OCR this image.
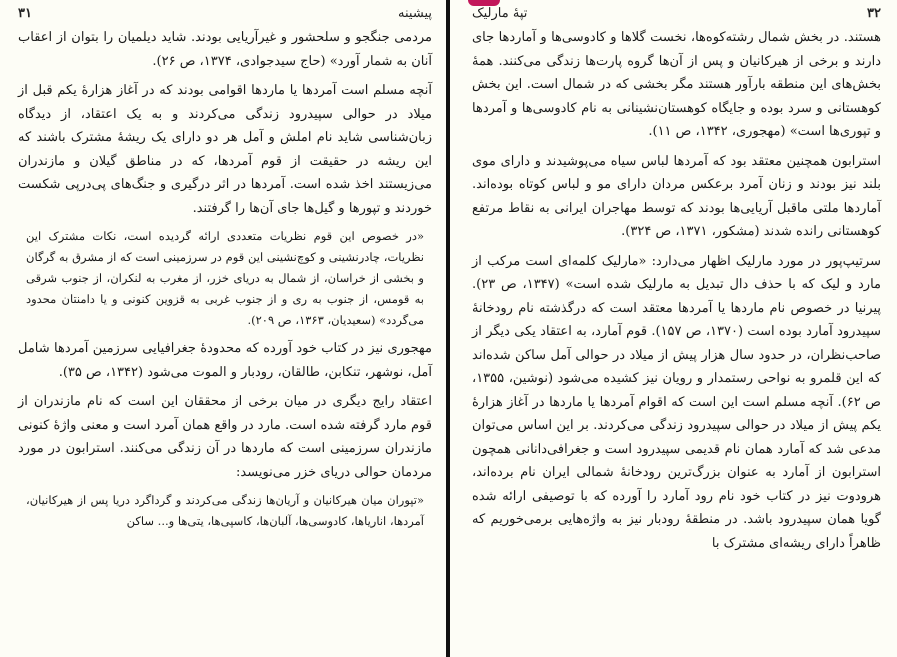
پیشینه
۳۱

مردمی جنگجو و سلحشور و غیرآریایی بودند. شاید دیلمیان را بتوان از اعقاب آنان به شمار آورد» (حاج سیدجوادی، ۱۳۷۴، ص ۲۶).

آنچه مسلم است آمردها یا ماردها اقوامی بودند که در آغاز هزارهٔ یکم قبل از میلاد در حوالی سپیدرود زندگی می‌کردند و به یک اعتقاد، از دیدگاه زبان‌شناسی شاید نام املش و آمل هر دو دارای یک ریشهٔ مشترک باشند که این ریشه در حقیقت از قوم آمردها، که در مناطق گیلان و مازندران می‌زیستند اخذ شده است. آمردها در اثر درگیری و جنگ‌های پی‌درپی شکست خوردند و تپورها و گیل‌ها جای آن‌ها را گرفتند.

«در خصوص این قوم نظریات متعددی ارائه گردیده است، نکات مشترک این نظریات، چادرنشینی و کوچ‌نشینی این قوم در سرزمینی است که از مشرق به گرگان و بخشی از خراسان، از شمال به دریای خزر، از مغرب به لنکران، از جنوب شرقی به قومس، از جنوب به ری و از جنوب غربی به قزوین کنونی و یا دامنتان محدود می‌گردد» (سعیدیان، ۱۳۶۳، ص ۲۰۹).

مهجوری نیز در کتاب خود آورده که محدودهٔ جغرافیایی سرزمین آمردها شامل آمل، نوشهر، تنکابن، طالقان، رودبار و الموت می‌شود (۱۳۴۲، ص ۳۵).

اعتقاد رایج دیگری در میان برخی از محققان این است که نام مازندران از قوم مارد گرفته شده است. مارد در واقع همان آمرد است و معنی واژهٔ کنونی مازندران سرزمینی است که ماردها در آن زندگی می‌کنند. استرابون در مورد مردمان حوالی دریای خزر می‌نویسد:

«تپوران میان هیرکانیان و آریان‌ها زندگی می‌کردند و گرداگرد دریا پس از هیرکانیان، آمردها، اناریاها، کادوسی‌ها، آلبان‌ها، کاسپی‌ها، یتی‌ها و... ساکن

۳۲
تپهٔ مارلیک

هستند. در بخش شمال رشته‌کوه‌ها، نخست گلاها و کادوسی‌ها و آماردها جای دارند و برخی از هیرکانیان و پس از آن‌ها گروه پارت‌ها زندگی می‌کنند. همهٔ بخش‌های این منطقه بارآور هستند مگر بخشی که در شمال است. این بخش کوهستانی و سرد بوده و جایگاه کوهستان‌نشینانی به نام کادوسی‌ها و آمردها و تپوری‌ها است» (مهجوری، ۱۳۴۲، ص ۱۱).

استرابون همچنین معتقد بود که آمردها لباس سیاه می‌پوشیدند و دارای موی بلند نیز بودند و زنان آمرد برعکس مردان دارای مو و لباس کوتاه بوده‌اند. آماردها ملتی ماقبل آریایی‌ها بودند که توسط مهاجران ایرانی به نقاط مرتفع کوهستانی رانده شدند (مشکور، ۱۳۷۱، ص ۳۲۴).

سرتیپ‌پور در مورد مارلیک اظهار می‌دارد: «مارلیک کلمه‌ای است مرکب از مارد و لیک که با حذف دال تبدیل به مارلیک شده است» (۱۳۴۷، ص ۲۳). پیرنیا در خصوص نام ماردها یا آمردها معتقد است که درگذشته نام رودخانهٔ سپیدرود آمارد بوده است (۱۳۷۰، ص ۱۵۷). قوم آمارد، به اعتقاد یکی دیگر از صاحب‌نظران، در حدود سال هزار پیش از میلاد در حوالی آمل ساکن شده‌اند که این قلمرو به نواحی رستمدار و رویان نیز کشیده می‌شود (نوشین، ۱۳۵۵، ص ۶۲). آنچه مسلم است این است که اقوام آمردها یا ماردها در آغاز هزارهٔ یکم پیش از میلاد در حوالی سپیدرود زندگی می‌کردند. بر این اساس می‌توان مدعی شد که آمارد همان نام قدیمی سپیدرود است و جغرافی‌دانانی همچون استرابون از آمارد به عنوان بزرگ‌ترین رودخانهٔ شمالی ایران نام برده‌اند، هرودوت نیز در کتاب خود نام رود آمارد را آورده که با توصیفی ارائه شده گویا همان سپیدرود باشد. در منطقهٔ رودبار نیز به واژه‌هایی برمی‌خوریم که ظاهراً دارای ریشه‌ای مشترک با
